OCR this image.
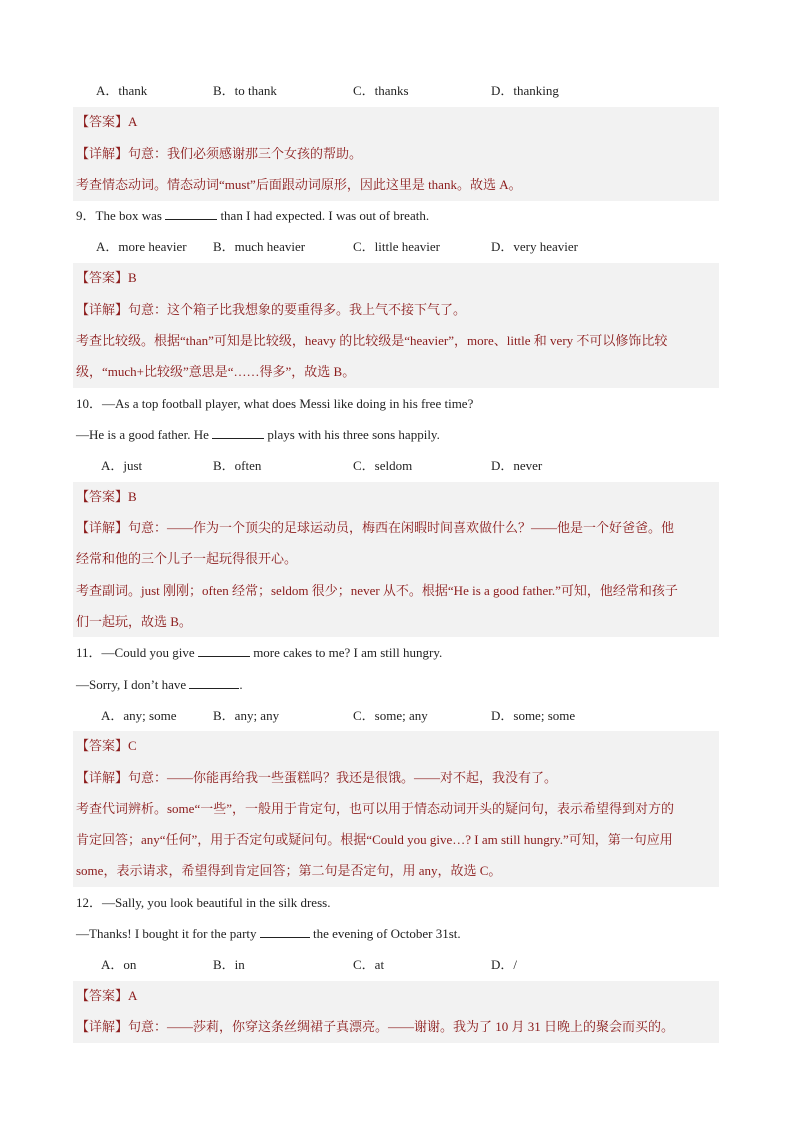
A．thank	B．to thank	C．thanks	D．thanking
【答案】A
【详解】句意：我们必须感谢那三个女孩的帮助。
考查情态动词。情态动词“must”后面跟动词原形，因此这里是 thank。故选 A。
9．The box was	than I had expected. I was out of breath.
A．more heavier B．much heavier	C．little heavier	D．very heavier
【答案】B
【详解】句意：这个箱子比我想象的要重得多。我上气不接下气了。
考查比较级。根据“than”可知是比较级，heavy 的比较级是“heavier”，more、little 和 very 不可以修饰比较
级，“much+比较级”意思是“……得多”，故选 B。
10．—As a top football player, what does Messi like doing in his free time?
—He is a good father. He	plays with his three sons happily.
A．just	B．often	C．seldom	D．never
【答案】B
【详解】句意：——作为一个顶尖的足球运动员，梅西在闲暇时间喜欢做什么？——他是一个好爸爸。他
经常和他的三个儿子一起玩得很开心。
考查副词。just 刚刚；often 经常；seldom 很少；never 从不。根据“He is a good father.”可知，他经常和孩子
们一起玩，故选 B。
11．—Could you give	more cakes to me? I am still hungry.
—Sorry, I don’t have	.
A．any; some	B．any; any	C．some; any	D．some; some
【答案】C
【详解】句意：——你能再给我一些蛋糕吗？我还是很饿。——对不起，我没有了。
考查代词辨析。some“一些”，一般用于肯定句，也可以用于情态动词开头的疑问句，表示希望得到对方的
肯定回答；any“任何”，用于否定句或疑问句。根据“Could you give…? I am still hungry.”可知，第一句应用
some，表示请求，希望得到肯定回答；第二句是否定句，用 any，故选 C。
12．—Sally, you look beautiful in the silk dress.
—Thanks! I bought it for the party	the evening of October 31st.
A．on	B．in	C．at	D．/
【答案】A
【详解】句意：——莎莉，你穿这条丝绸裙子真漂亮。——谢谢。我为了 10 月 31 日晚上的聚会而买的。
